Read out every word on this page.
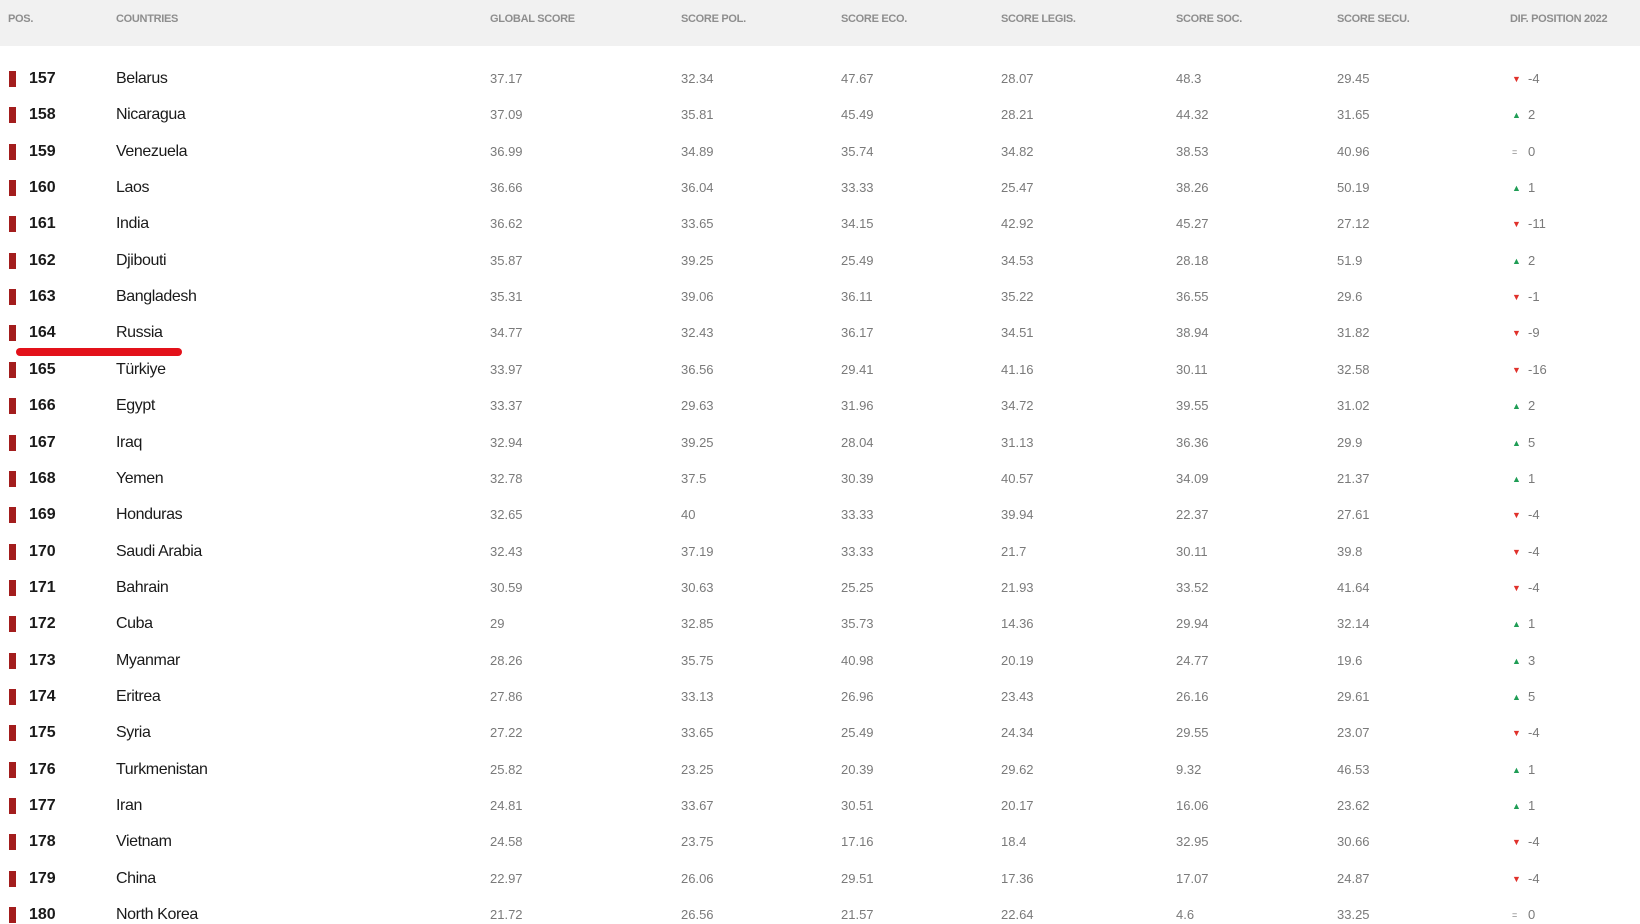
POS.	COUNTRIES	GLOBAL SCORE	SCORE POL.	SCORE ECO.	SCORE LEGIS.	SCORE SOC.	SCORE SECU.	DIF. POSITION 2022
157	Belarus	37.17	32.34	47.67	28.07	48.3	29.45	▼ -4
158	Nicaragua	37.09	35.81	45.49	28.21	44.32	31.65	▲ 2
159	Venezuela	36.99	34.89	35.74	34.82	38.53	40.96	= 0
160	Laos	36.66	36.04	33.33	25.47	38.26	50.19	▲ 1
161	India	36.62	33.65	34.15	42.92	45.27	27.12	▼ -11
162	Djibouti	35.87	39.25	25.49	34.53	28.18	51.9	▲ 2
163	Bangladesh	35.31	39.06	36.11	35.22	36.55	29.6	▼ -1
164	Russia	34.77	32.43	36.17	34.51	38.94	31.82	▼ -9
165	Türkiye	33.97	36.56	29.41	41.16	30.11	32.58	▼ -16
166	Egypt	33.37	29.63	31.96	34.72	39.55	31.02	▲ 2
167	Iraq	32.94	39.25	28.04	31.13	36.36	29.9	▲ 5
168	Yemen	32.78	37.5	30.39	40.57	34.09	21.37	▲ 1
169	Honduras	32.65	40	33.33	39.94	22.37	27.61	▼ -4
170	Saudi Arabia	32.43	37.19	33.33	21.7	30.11	39.8	▼ -4
171	Bahrain	30.59	30.63	25.25	21.93	33.52	41.64	▼ -4
172	Cuba	29	32.85	35.73	14.36	29.94	32.14	▲ 1
173	Myanmar	28.26	35.75	40.98	20.19	24.77	19.6	▲ 3
174	Eritrea	27.86	33.13	26.96	23.43	26.16	29.61	▲ 5
175	Syria	27.22	33.65	25.49	24.34	29.55	23.07	▼ -4
176	Turkmenistan	25.82	23.25	20.39	29.62	9.32	46.53	▲ 1
177	Iran	24.81	33.67	30.51	20.17	16.06	23.62	▲ 1
178	Vietnam	24.58	23.75	17.16	18.4	32.95	30.66	▼ -4
179	China	22.97	26.06	29.51	17.36	17.07	24.87	▼ -4
180	North Korea	21.72	26.56	21.57	22.64	4.6	33.25	= 0
